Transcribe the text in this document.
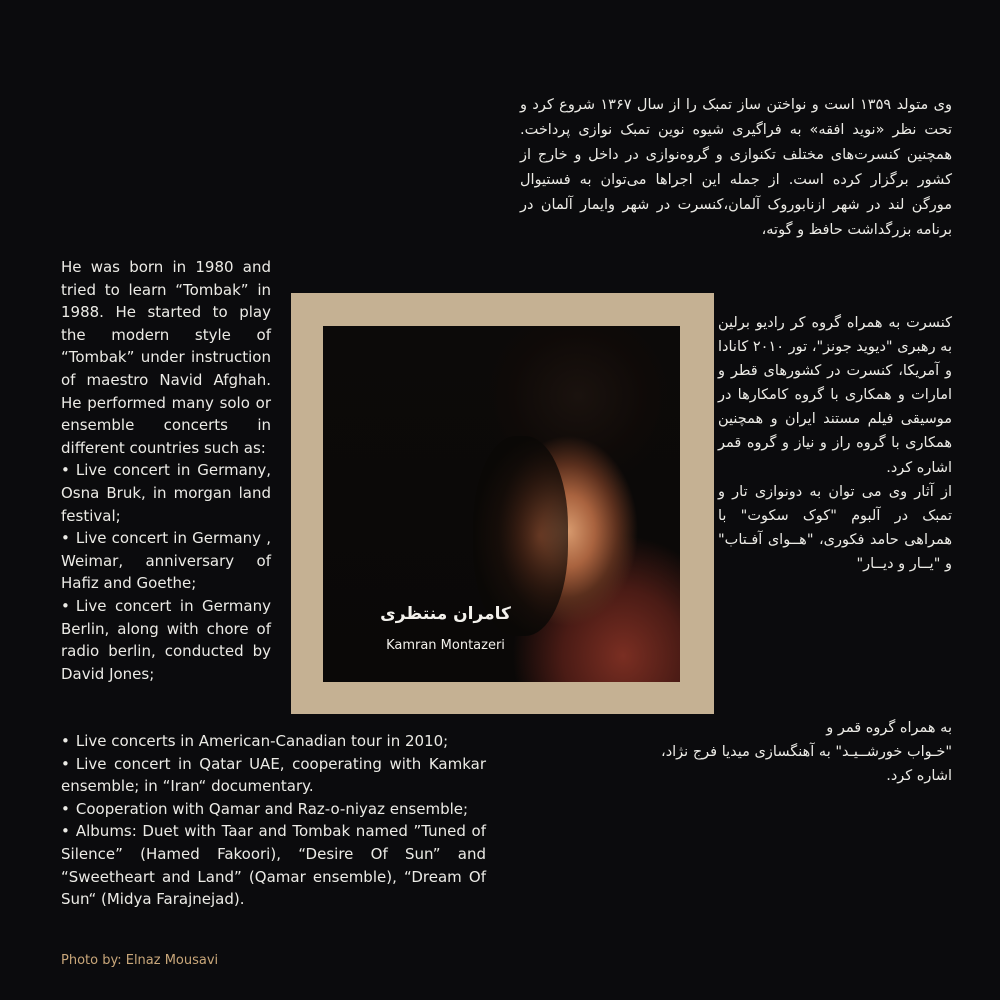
وی متولد ۱۳۵۹ است و نواختن ساز تمبک را از سال ۱۳۶۷ شروع کرد و تحت نظر «نوید افقه» به فراگیری شیوه نوین تمبک نوازی پرداخت. همچنین کنسرت‌های مختلف تکنوازی و گروه‌نوازی در داخل و خارج از کشور برگزار کرده است. از جمله این اجراها می‌توان به فستیوال مورگن لند در شهر ازنابوروک آلمان،کنسرت در شهر وایمار آلمان در برنامه بزرگداشت حافظ و گوته،

کنسرت به همراه گروه کر رادیو برلین به رهبری "دیوید جونز"، تور ۲۰۱۰ کانادا و آمریکا، کنسرت در کشورهای قطر و امارات و همکاری با گروه کامکارها در موسیقی فیلم مستند ایران و همچنین همکاری با گروه راز و نیاز و گروه قمر اشاره کرد.

از آثار وی می توان به دونوازی تار و تمبک در آلبوم "کوک سکوت" با همراهی حامد فکوری، "هــوای آفـتاب" و "یــار و دیــار"

به همراه گروه قمر و

"خـواب خورشــیـد" به آهنگسازی میدیا فرج نژاد،

اشاره کرد.

He was born in 1980 and tried to learn “Tombak” in 1988. He started to play the modern style of “Tombak” under instruction of maestro Navid Afghah. He performed many solo or ensemble concerts in different countries such as:

• Live concert in Germany, Osna Bruk, in morgan land festival;

• Live concert in Germany , Weimar, anniversary of Hafiz and Goethe;

• Live concert in Germany Berlin, along with chore of radio berlin, conducted by David Jones;

• Live concerts in American-Canadian tour in 2010;

• Live concert in Qatar UAE, cooperating with Kamkar ensemble; in “Iran“ documentary.

• Cooperation with Qamar and Raz-o-niyaz ensemble;

• Albums: Duet with Taar and Tombak named ”Tuned of Silence” (Hamed Fakoori), “Desire Of Sun” and “Sweetheart and Land” (Qamar ensemble), “Dream Of Sun“ (Midya Farajnejad).

کامران منتظری
Kamran Montazeri
Photo by: Elnaz Mousavi
